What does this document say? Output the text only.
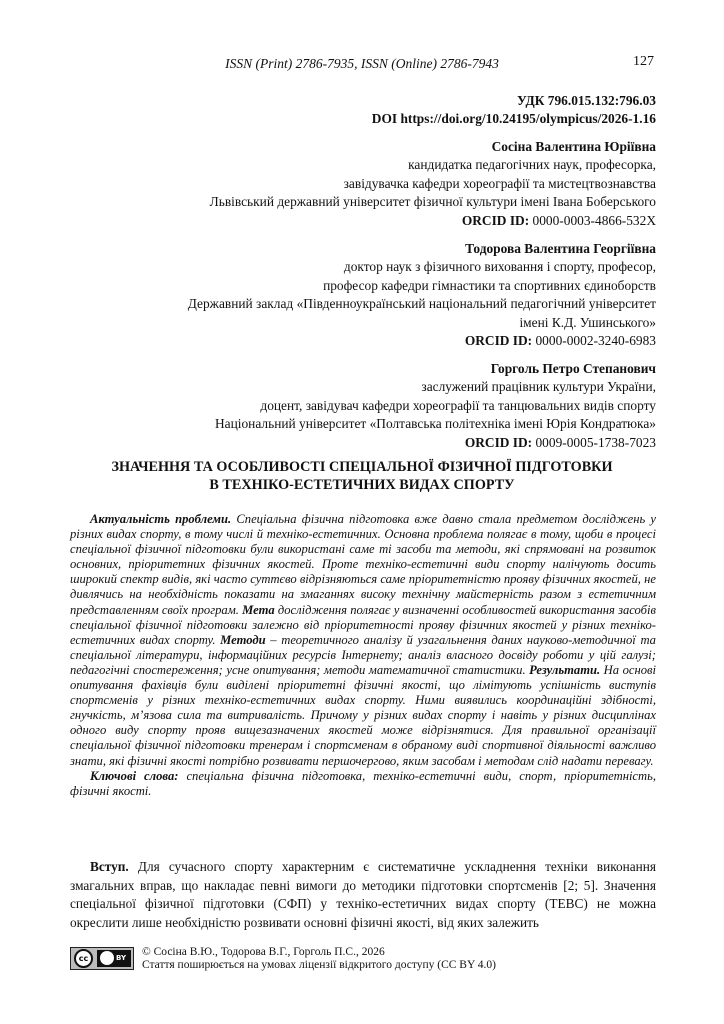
ISSN (Print) 2786-7935, ISSN (Online) 2786-7943	127

УДК 796.015.132:796.03

DOI https://doi.org/10.24195/olympicus/2026-1.16

Сосіна Валентина Юріївна

кандидатка педагогічних наук, професорка,

завідувачка кафедри хореографії та мистецтвознавства

Львівський державний університет фізичної культури імені Івана Боберського

ORCID ID: 0000-0003-4866-532X

Тодорова Валентина Георгіївна

доктор наук з фізичного виховання і спорту, професор,

професор кафедри гімнастики та спортивних єдиноборств

Державний заклад «Південноукраїнський національний педагогічний університет

імені К.Д. Ушинського»

ORCID ID: 0000-0002-3240-6983

Горголь Петро Степанович

заслужений працівник культури України,

доцент, завідувач кафедри хореографії та танцювальних видів спорту

Національний університет «Полтавська політехніка імені Юрія Кондратюка»

ORCID ID: 0009-0005-1738-7023

ЗНАЧЕННЯ ТА ОСОБЛИВОСТІ СПЕЦІАЛЬНОЇ ФІЗИЧНОЇ ПІДГОТОВКИ

В ТЕХНІКО-ЕСТЕТИЧНИХ ВИДАХ СПОРТУ

Актуальність проблеми. Спеціальна фізична підготовка вже давно стала предметом досліджень у різних видах спорту, в тому числі й техніко-естетичних. Основна проблема полягає в тому, щоби в процесі спеціальної фізичної підготовки були використані саме ті засоби та методи, які спрямовані на розвиток основних, пріоритетних фізичних якостей. Проте техніко-естетичні види спорту налічують досить широкий спектр видів, які часто суттєво відрізняються саме пріоритетністю прояву фізичних якостей, не дивлячись на необхідність показати на змаганнях високу технічну майстерність разом з естетичним представленням своїх програм. Мета дослідження полягає у визначенні особливостей використання засобів спеціальної фізичної підготовки залежно від пріоритетності прояву фізичних якостей у різних техніко-естетичних видах спорту. Методи – теоретичного аналізу й узагальнення даних науково-методичної та спеціальної літератури, інформаційних ресурсів Інтернету; аналіз власного досвіду роботи у цій галузі; педагогічні спостереження; усне опитування; методи математичної статистики. Результати. На основі опитування фахівців були виділені пріоритетні фізичні якості, що лімітують успішність виступів спортсменів у різних техніко-естетичних видах спорту. Ними виявились координаційні здібності, гнучкість, м’язова сила та витривалість. Причому у різних видах спорту і навіть у різних дисциплінах одного виду спорту прояв вищезазначених якостей може відрізнятися. Для правильної організації спеціальної фізичної підготовки тренерам і спортсменам в обраному виді спортивної діяльності важливо знати, які фізичні якості потрібно розвивати першочергово, яким засобам і методам слід надати перевагу.

Ключові слова: спеціальна фізична підготовка, техніко-естетичні види, спорт, пріоритетність, фізичні якості.

Вступ. Для сучасного спорту характерним є систематичне ускладнення техніки виконання змагальних вправ, що накладає певні вимоги до методики підготовки спортсменів [2; 5]. Значення спеціальної фізичної підготовки (СФП) у техніко-естетичних видах спорту (ТЕВС) не можна окреслити лише необхідністю розвивати основні фізичні якості, від яких залежить

cc	BY © Сосіна В.Ю., Тодорова В.Г., Горголь П.С., 2026

Стаття поширюється на умовах ліцензії відкритого доступу (CC BY 4.0)
